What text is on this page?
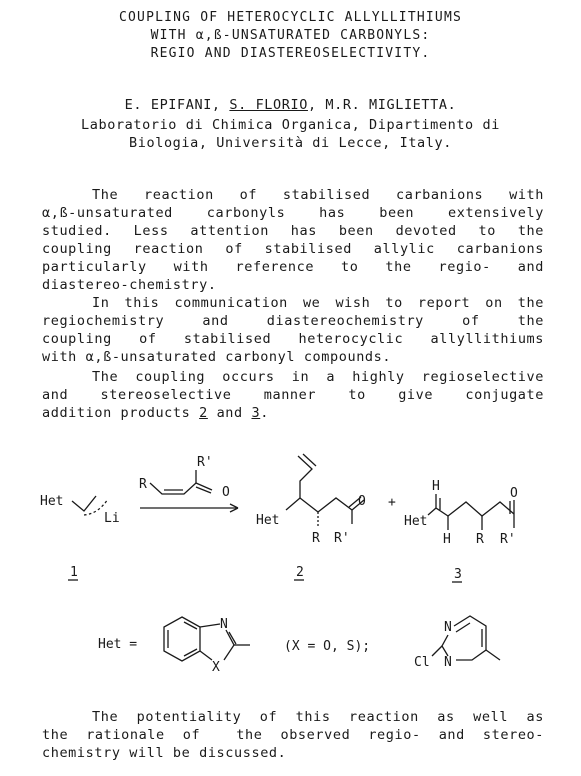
COUPLING OF HETEROCYCLIC ALLYLLITHIUMS
WITH α,ß-UNSATURATED CARBONYLS:
REGIO AND DIASTEREOSELECTIVITY.
E. EPIFANI, S. FLORIO, M.R. MIGLIETTA.
Laboratorio di Chimica Organica, Dipartimento di
Biologia, Università di Lecce, Italy.
The reaction of stabilised carbanions with
α,ß-unsaturated carbonyls has been extensively
studied. Less attention has been devoted to the
coupling reaction of stabilised allylic carbanions
particularly with reference to the regio- and
diastereo-chemistry.
In this communication we wish to report on the
regiochemistry and diastereochemistry of the
coupling of stabilised heterocyclic allyllithiums
with α,ß-unsaturated carbonyl compounds.
The coupling occurs in a highly regioselective
and stereoselective manner to give conjugate
addition products 2 and 3.
Het
Li
R
R'
O
Het
R R'
O +
H
Het
H R R'
O
1	2	3
Het =
N
X
(X = O, S);
N
N
Cl
The potentiality of this reaction as well as
the rationale of  the observed regio- and stereo-
chemistry will be discussed.
